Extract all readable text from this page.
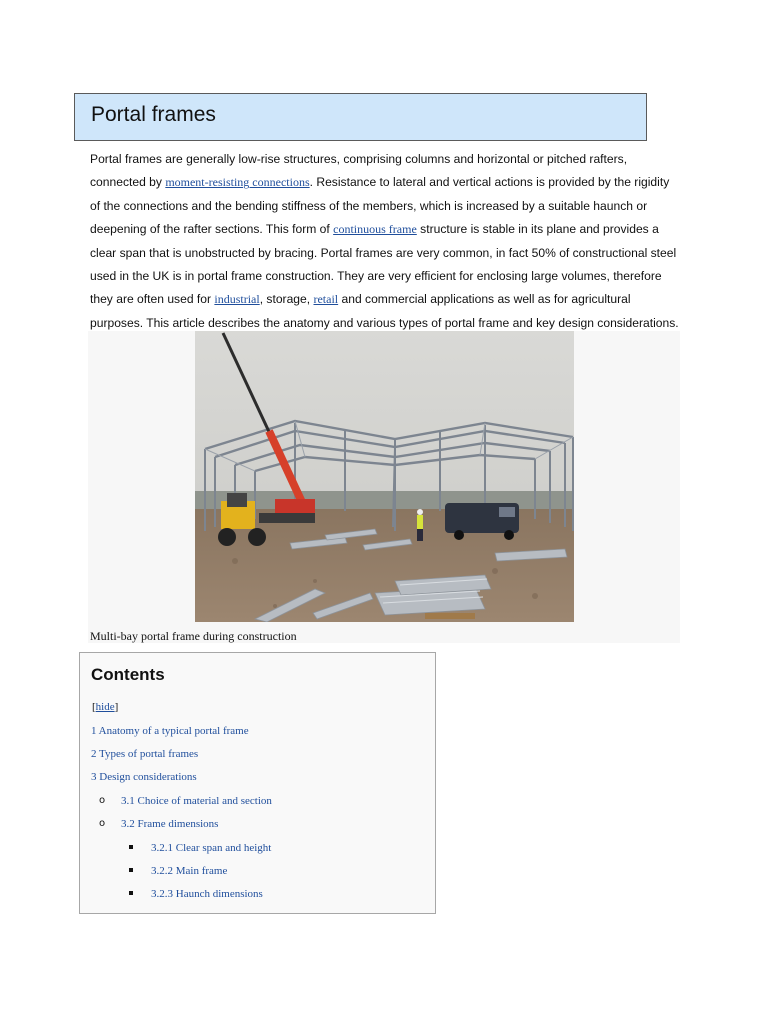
Portal frames

Portal frames are generally low-rise structures, comprising columns and horizontal or pitched rafters, connected by moment-resisting connections. Resistance to lateral and vertical actions is provided by the rigidity of the connections and the bending stiffness of the members, which is increased by a suitable haunch or deepening of the rafter sections. This form of continuous frame structure is stable in its plane and provides a clear span that is unobstructed by bracing. Portal frames are very common, in fact 50% of constructional steel used in the UK is in portal frame construction. They are very efficient for enclosing large volumes, therefore they are often used for industrial, storage, retail and commercial applications as well as for agricultural purposes. This article describes the anatomy and various types of portal frame and key design considerations.

Multi-bay portal frame during construction

Contents
[hide]
1 Anatomy of a typical portal frame
2 Types of portal frames
3 Design considerations
3.1 Choice of material and section
3.2 Frame dimensions
3.2.1 Clear span and height
3.2.2 Main frame
3.2.3 Haunch dimensions
o
o
